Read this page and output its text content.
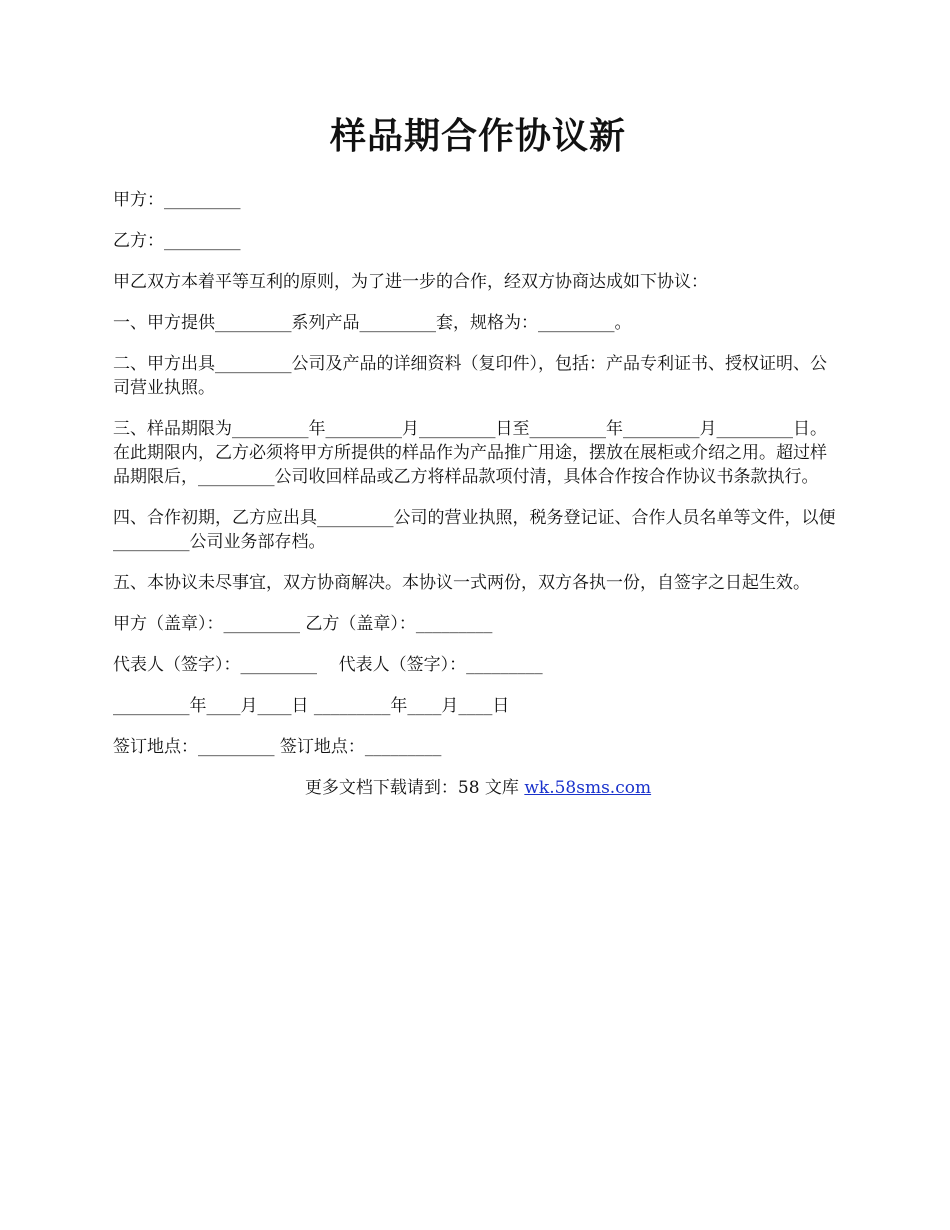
样品期合作协议新
甲方：_________
乙方：_________
甲乙双方本着平等互利的原则，为了进一步的合作，经双方协商达成如下协议：
一、甲方提供_________系列产品_________套，规格为：_________。
二、甲方出具_________公司及产品的详细资料（复印件），包括：产品专利证书、授权证明、公司营业执照。
三、样品期限为_________年_________月_________日至_________年_________月_________日。在此期限内，乙方必须将甲方所提供的样品作为产品推广用途，摆放在展柜或介绍之用。超过样品期限后，_________公司收回样品或乙方将样品款项付清，具体合作按合作协议书条款执行。
四、合作初期，乙方应出具_________公司的营业执照，税务登记证、合作人员名单等文件，以便_________公司业务部存档。
五、本协议未尽事宜，双方协商解决。本协议一式两份，双方各执一份，自签字之日起生效。
甲方（盖章）：_________ 乙方（盖章）：_________
代表人（签字）：_________    代表人（签字）：_________
_________年____月____日 _________年____月____日
签订地点：_________ 签订地点：_________
更多文档下载请到：58 文库 wk.58sms.com
